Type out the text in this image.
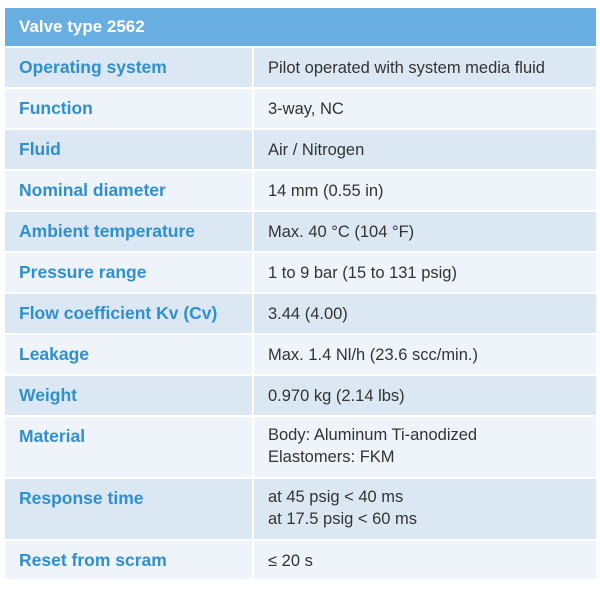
Valve type 2562
Operating system	Pilot operated with system media fluid
Function	3-way, NC
Fluid	Air / Nitrogen
Nominal diameter	14 mm (0.55 in)
Ambient temperature	Max. 40 °C (104 °F)
Pressure range	1 to 9 bar (15 to 131 psig)
Flow coefficient Kv (Cv)	3.44 (4.00)
Leakage	Max. 1.4 Nl/h (23.6 scc/min.)
Weight	0.970 kg (2.14 lbs)
Material	Body: Aluminum Ti-anodized
Elastomers: FKM
Response time	at 45 psig < 40 ms
at 17.5 psig < 60 ms
Reset from scram	≤ 20 s
